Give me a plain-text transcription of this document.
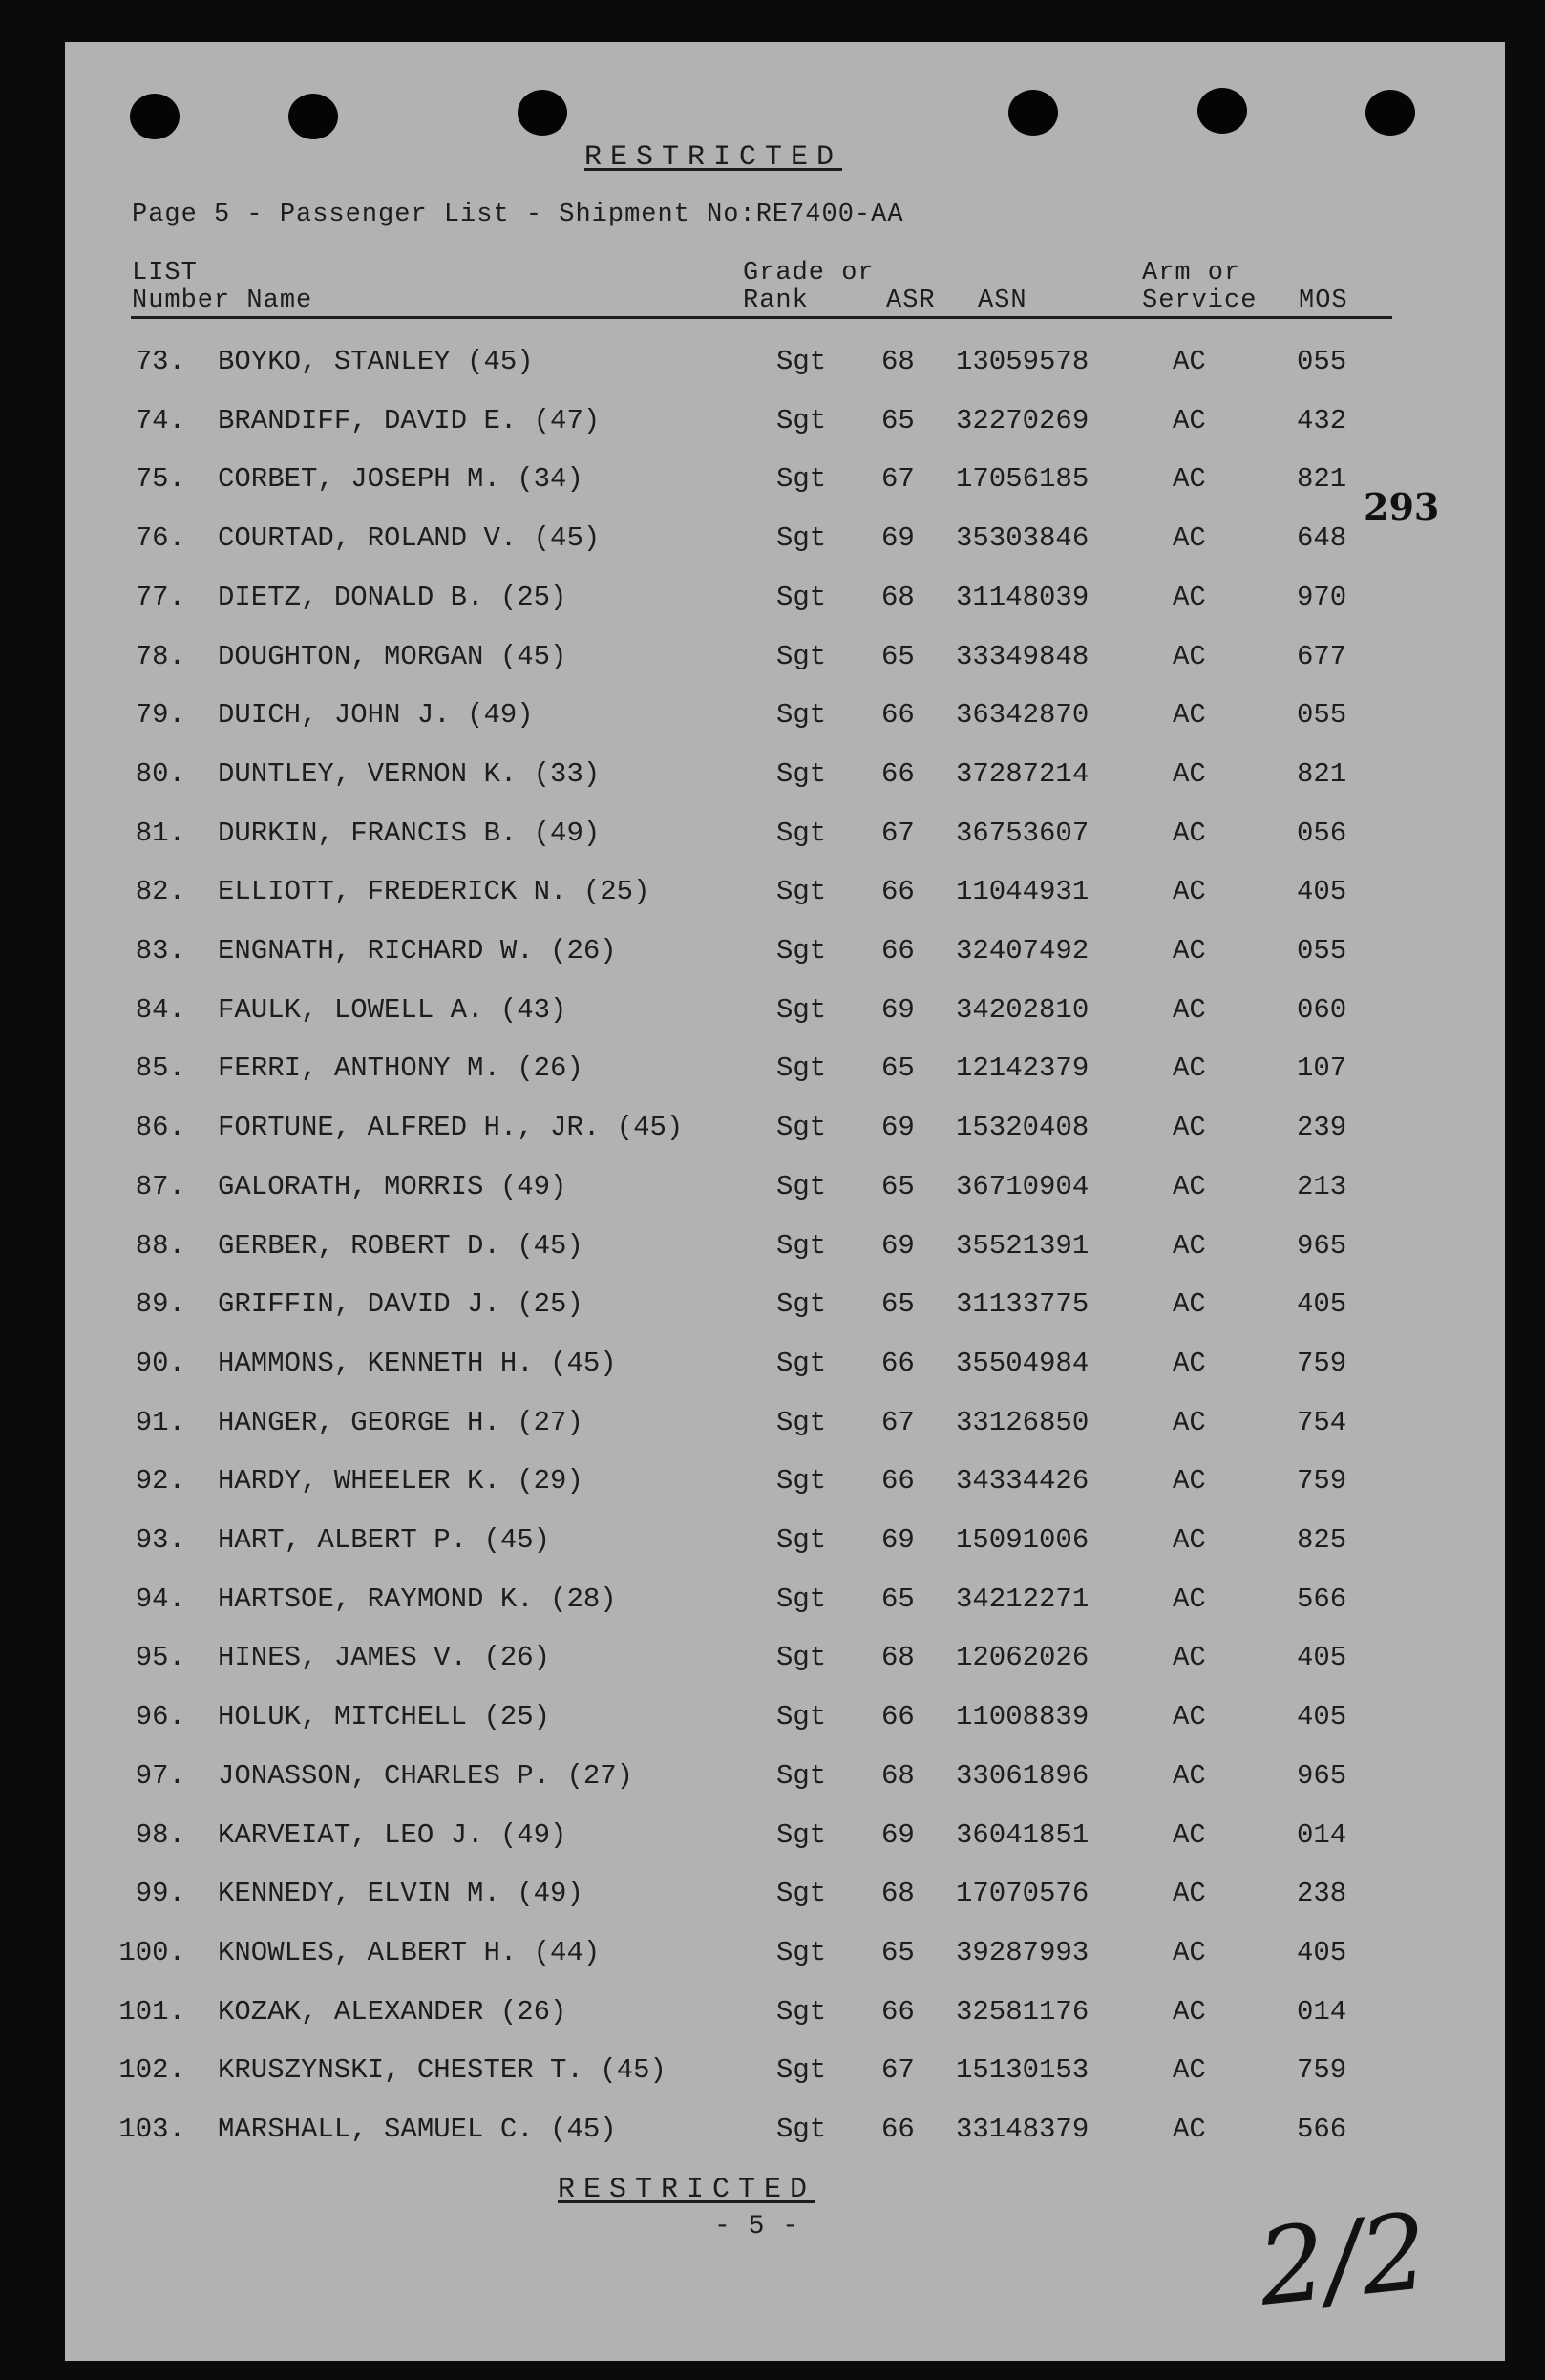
RESTRICTED
Page 5 - Passenger List - Shipment No:RE7400-AA
LIST
Number Name
Grade or
Rank	ASR ASN
Arm or
Service MOS
73. BOYKO, STANLEY (45)	Sgt 68 13059578	AC	055
74. BRANDIFF, DAVID E. (47)	Sgt 65 32270269	AC	432
75. CORBET, JOSEPH M. (34)	Sgt 67 17056185	AC	821
76. COURTAD, ROLAND V. (45)	Sgt 69 35303846	AC	648
77. DIETZ, DONALD B. (25)	Sgt 68 31148039	AC	970
78. DOUGHTON, MORGAN (45)	Sgt 65 33349848	AC	677
79. DUICH, JOHN J. (49)	Sgt 66 36342870	AC	055
80. DUNTLEY, VERNON K. (33)	Sgt 66 37287214	AC	821
81. DURKIN, FRANCIS B. (49)	Sgt 67 36753607	AC	056
82. ELLIOTT, FREDERICK N. (25)	Sgt 66 11044931	AC	405
83. ENGNATH, RICHARD W. (26)	Sgt 66 32407492	AC	055
84. FAULK, LOWELL A. (43)	Sgt 69 34202810	AC	060
85. FERRI, ANTHONY M. (26)	Sgt 65 12142379	AC	107
86. FORTUNE, ALFRED H., JR. (45)	Sgt 69 15320408	AC	239
87. GALORATH, MORRIS (49)	Sgt 65 36710904	AC	213
88. GERBER, ROBERT D. (45)	Sgt 69 35521391	AC	965
89. GRIFFIN, DAVID J. (25)	Sgt 65 31133775	AC	405
90. HAMMONS, KENNETH H. (45)	Sgt 66 35504984	AC	759
91. HANGER, GEORGE H. (27)	Sgt 67 33126850	AC	754
92. HARDY, WHEELER K. (29)	Sgt 66 34334426	AC	759
93. HART, ALBERT P. (45)	Sgt 69 15091006	AC	825
94. HARTSOE, RAYMOND K. (28)	Sgt 65 34212271	AC	566
95. HINES, JAMES V. (26)	Sgt 68 12062026	AC	405
96. HOLUK, MITCHELL (25)	Sgt 66 11008839	AC	405
97. JONASSON, CHARLES P. (27)	Sgt 68 33061896	AC	965
98. KARVEIAT, LEO J. (49)	Sgt 69 36041851	AC	014
99. KENNEDY, ELVIN M. (49)	Sgt 68 17070576	AC	238
100. KNOWLES, ALBERT H. (44)	Sgt 65 39287993	AC	405
101. KOZAK, ALEXANDER (26)	Sgt 66 32581176	AC	014
102. KRUSZYNSKI, CHESTER T. (45)	Sgt 67 15130153	AC	759
103. MARSHALL, SAMUEL C. (45)	Sgt 66 33148379	AC	566
293
RESTRICTED
- 5 -	2/2
